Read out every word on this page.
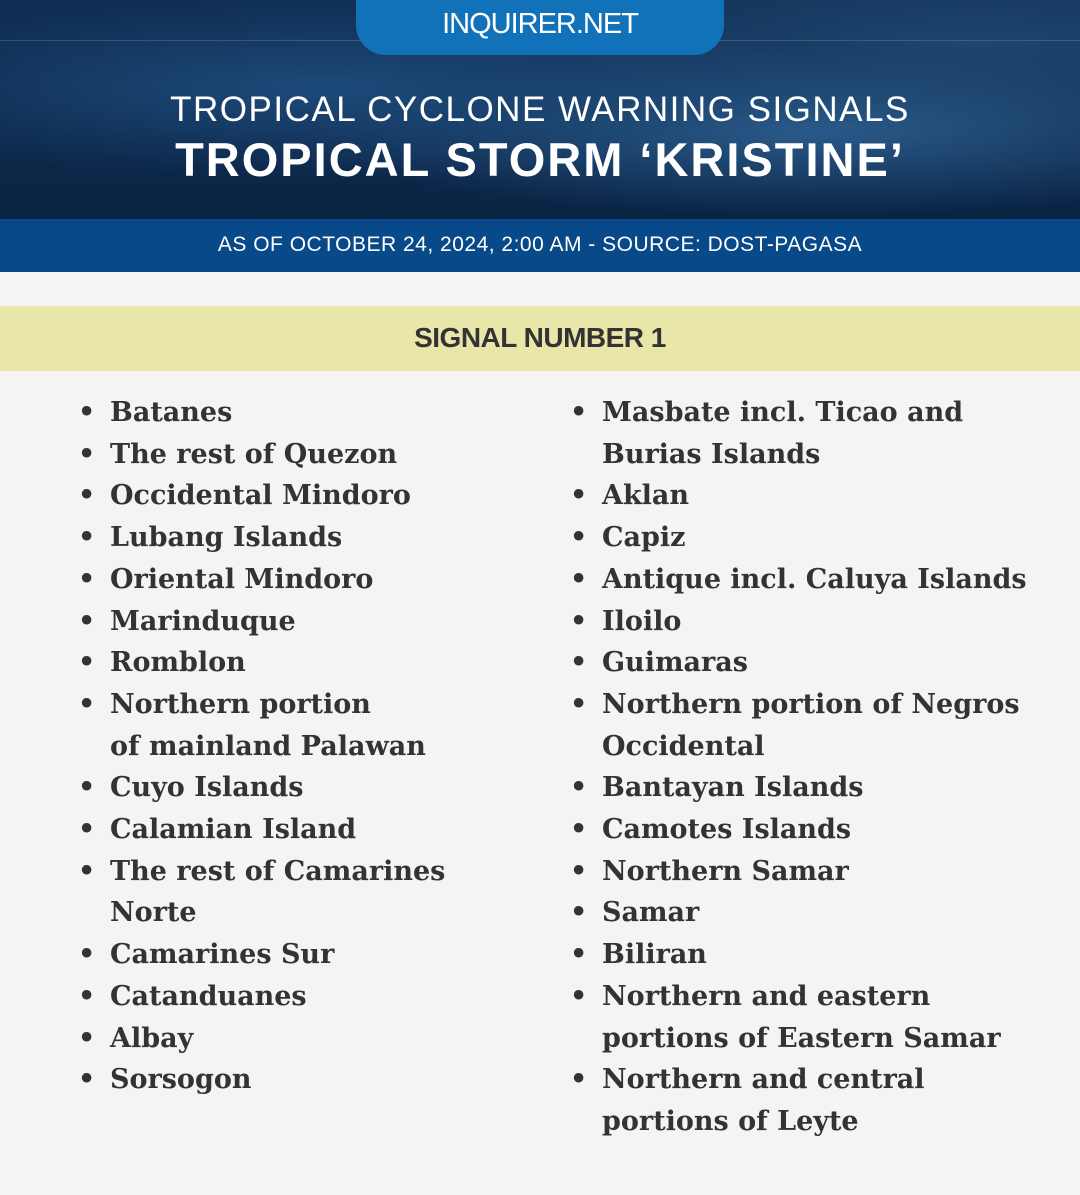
INQUIRER.NET
TROPICAL CYCLONE WARNING SIGNALS
TROPICAL STORM ‘KRISTINE’
AS OF OCTOBER 24, 2024, 2:00 AM - SOURCE: DOST-PAGASA
SIGNAL NUMBER 1
• Batanes
• The rest of Quezon
• Occidental Mindoro
• Lubang Islands
• Oriental Mindoro
• Marinduque
• Romblon
• Northern portion
of mainland Palawan
• Cuyo Islands
• Calamian Island
• The rest of Camarines
Norte
• Camarines Sur
• Catanduanes
• Albay
• Sorsogon
• Masbate incl. Ticao and
Burias Islands
• Aklan
• Capiz
• Antique incl. Caluya Islands
• Iloilo
• Guimaras
• Northern portion of Negros
Occidental
• Bantayan Islands
• Camotes Islands
• Northern Samar
• Samar
• Biliran
• Northern and eastern
portions of Eastern Samar
• Northern and central
portions of Leyte
